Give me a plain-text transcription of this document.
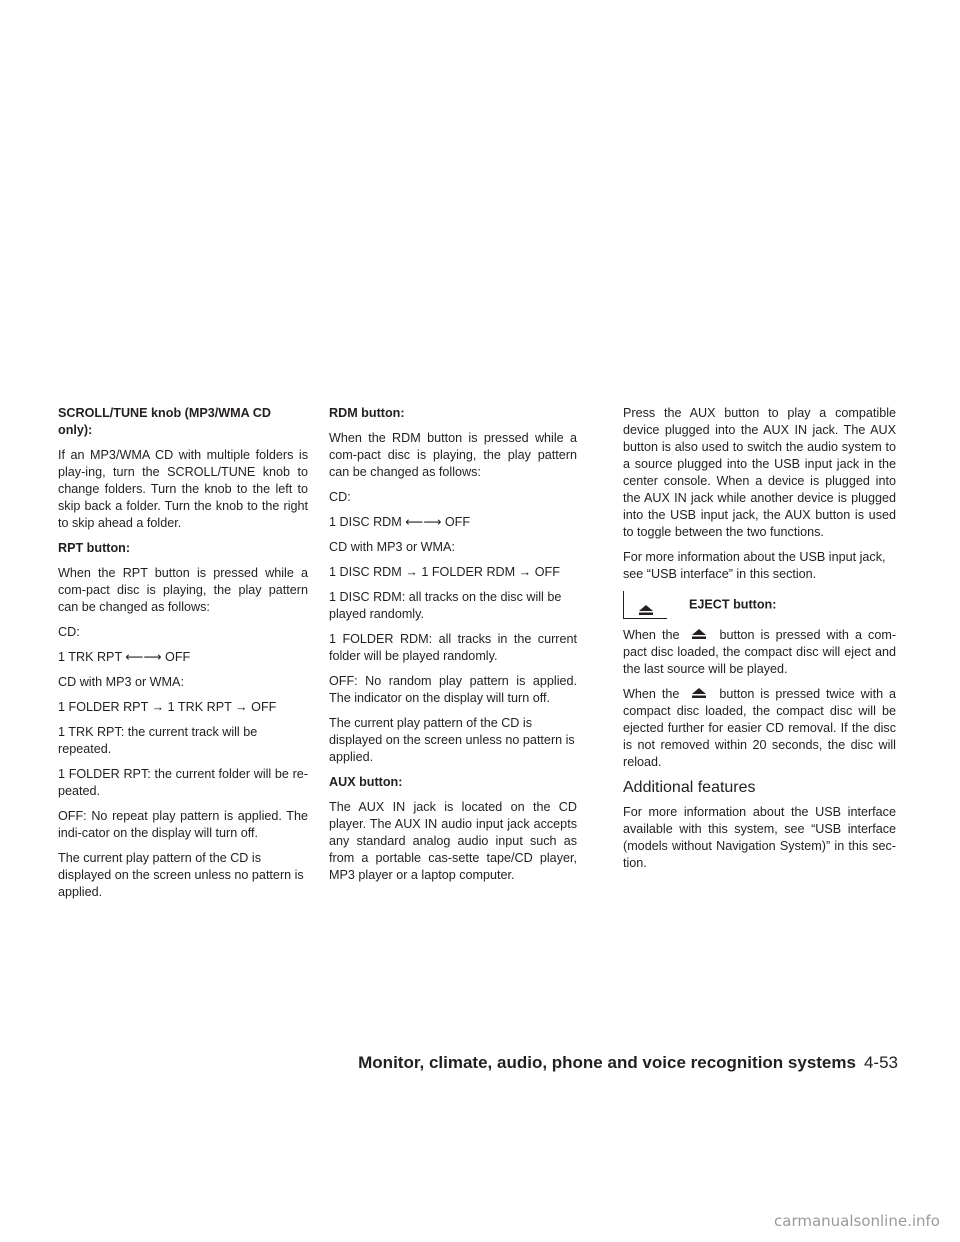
SCROLL/TUNE knob (MP3/WMA CD only):

If an MP3/WMA CD with multiple folders is play-ing, turn the SCROLL/TUNE knob to change folders. Turn the knob to the left to skip back a folder. Turn the knob to the right to skip ahead a folder.

RPT button:

When the RPT button is pressed while a com-pact disc is playing, the play pattern can be changed as follows:

CD:

1 TRK RPT ⟵⟶ OFF

CD with MP3 or WMA:

1 FOLDER RPT → 1 TRK RPT → OFF

1 TRK RPT: the current track will be repeated.

1 FOLDER RPT: the current folder will be re-peated.

OFF: No repeat play pattern is applied. The indi-cator on the display will turn off.

The current play pattern of the CD is displayed on the screen unless no pattern is applied.

RDM button:

When the RDM button is pressed while a com-pact disc is playing, the play pattern can be changed as follows:

CD:

1 DISC RDM ⟵⟶ OFF

CD with MP3 or WMA:

1 DISC RDM → 1 FOLDER RDM → OFF

1 DISC RDM: all tracks on the disc will be played randomly.

1 FOLDER RDM: all tracks in the current folder will be played randomly.

OFF: No random play pattern is applied. The indicator on the display will turn off.

The current play pattern of the CD is displayed on the screen unless no pattern is applied.

AUX button:

The AUX IN jack is located on the CD player. The AUX IN audio input jack accepts any standard analog audio input such as from a portable cas-sette tape/CD player, MP3 player or a laptop computer.

Press the AUX button to play a compatible device plugged into the AUX IN jack. The AUX button is also used to switch the audio system to a source plugged into the USB input jack in the center console. When a device is plugged into the AUX IN jack while another device is plugged into the USB input jack, the AUX button is used to toggle between the two functions.

For more information about the USB input jack, see “USB interface” in this section.

EJECT button:

When the	button is pressed with a com-pact disc loaded, the compact disc will eject and the last source will be played.

When the	button is pressed twice with a compact disc loaded, the compact disc will be ejected further for easier CD removal. If the disc is not removed within 20 seconds, the disc will reload.

Additional features

For more information about the USB interface available with this system, see “USB interface (models without Navigation System)” in this sec-tion.

Monitor, climate, audio, phone and voice recognition systems 4-53
carmanualsonline.info
